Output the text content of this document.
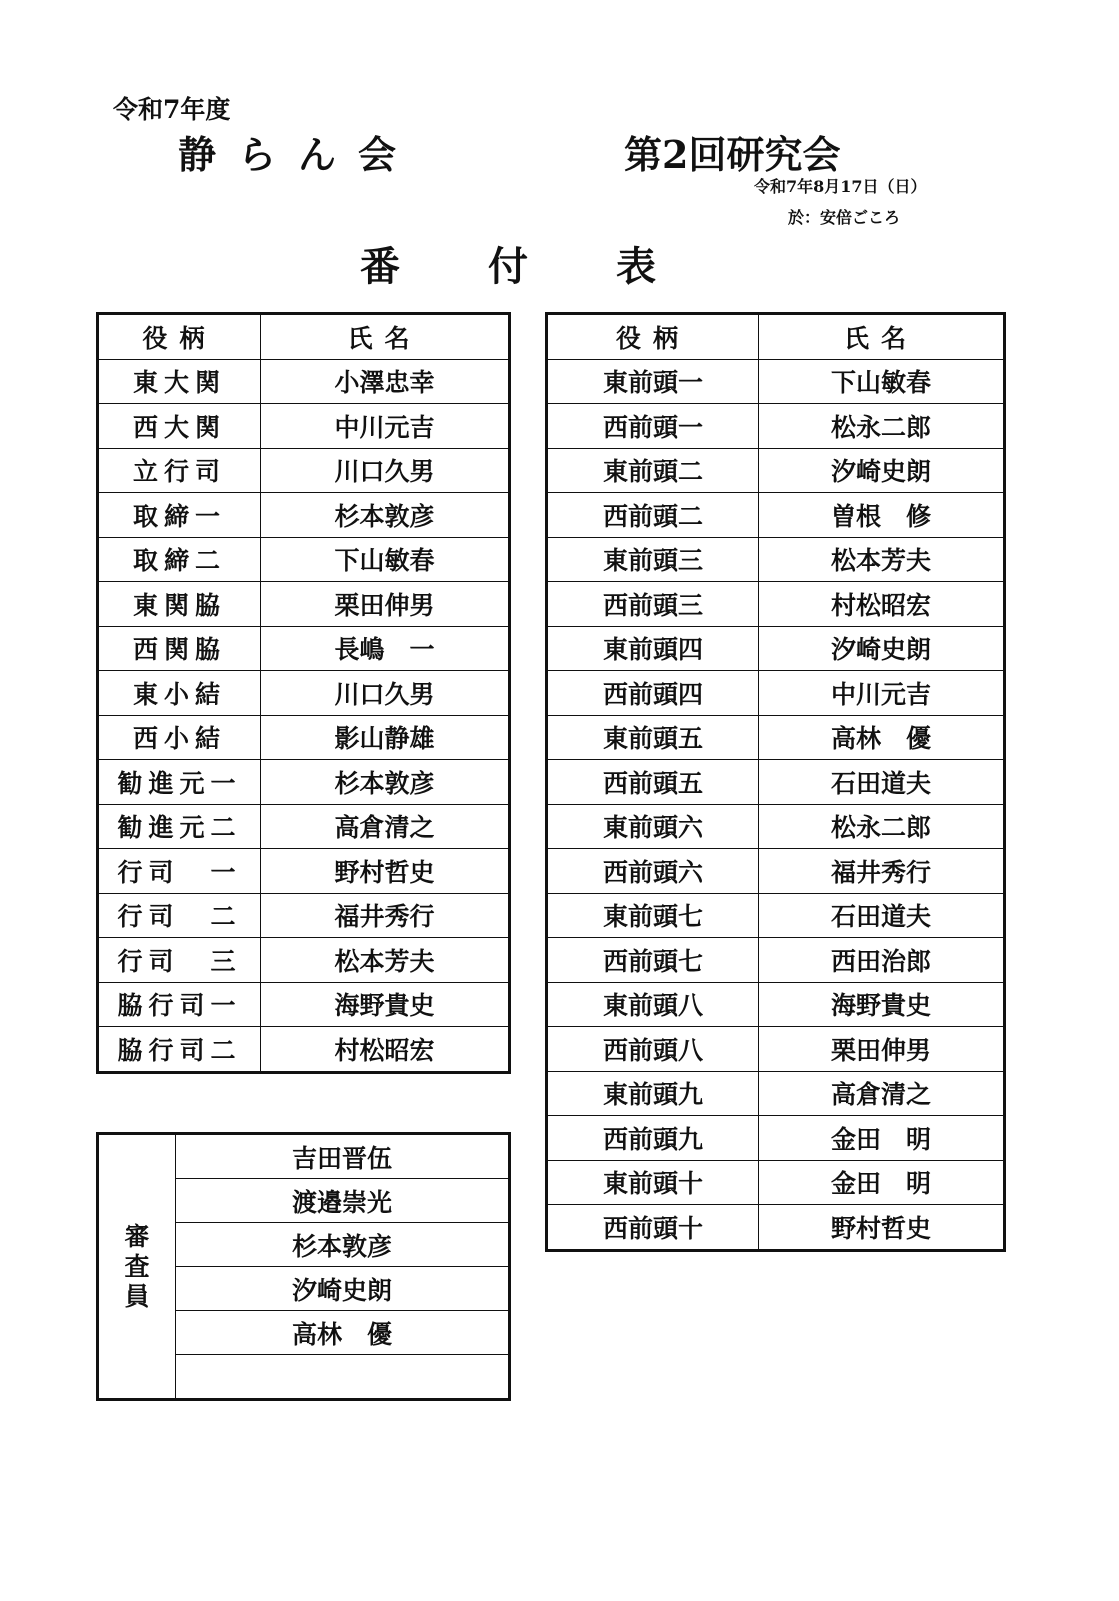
令和7年度
静らん会	第2回研究会
令和7年8月17日（日）
於：安倍ごころ
番付表
役柄	氏名
東大関	小澤忠幸
西大関	中川元吉
立行司	川口久男
取締一	杉本敦彦
取締二	下山敏春
東関脇	栗田伸男
西関脇	長嶋　一
東小結	川口久男
西小結	影山静雄
勧進元一	杉本敦彦
勧進元二	高倉清之
行司　一	野村哲史
行司　二	福井秀行
行司　三	松本芳夫
脇行司一	海野貴史
脇行司二	村松昭宏
役柄	氏名
東前頭一	下山敏春
西前頭一	松永二郎
東前頭二	汐崎史朗
西前頭二	曽根　修
東前頭三	松本芳夫
西前頭三	村松昭宏
東前頭四	汐崎史朗
西前頭四	中川元吉
東前頭五	高林　優
西前頭五	石田道夫
東前頭六	松永二郎
西前頭六	福井秀行
東前頭七	石田道夫
西前頭七	西田治郎
東前頭八	海野貴史
西前頭八	栗田伸男
東前頭九	高倉清之
西前頭九	金田　明
東前頭十	金田　明
西前頭十	野村哲史
審
査
員
	吉田晋伍
渡邉崇光
杉本敦彦
汐崎史朗
高林　優
